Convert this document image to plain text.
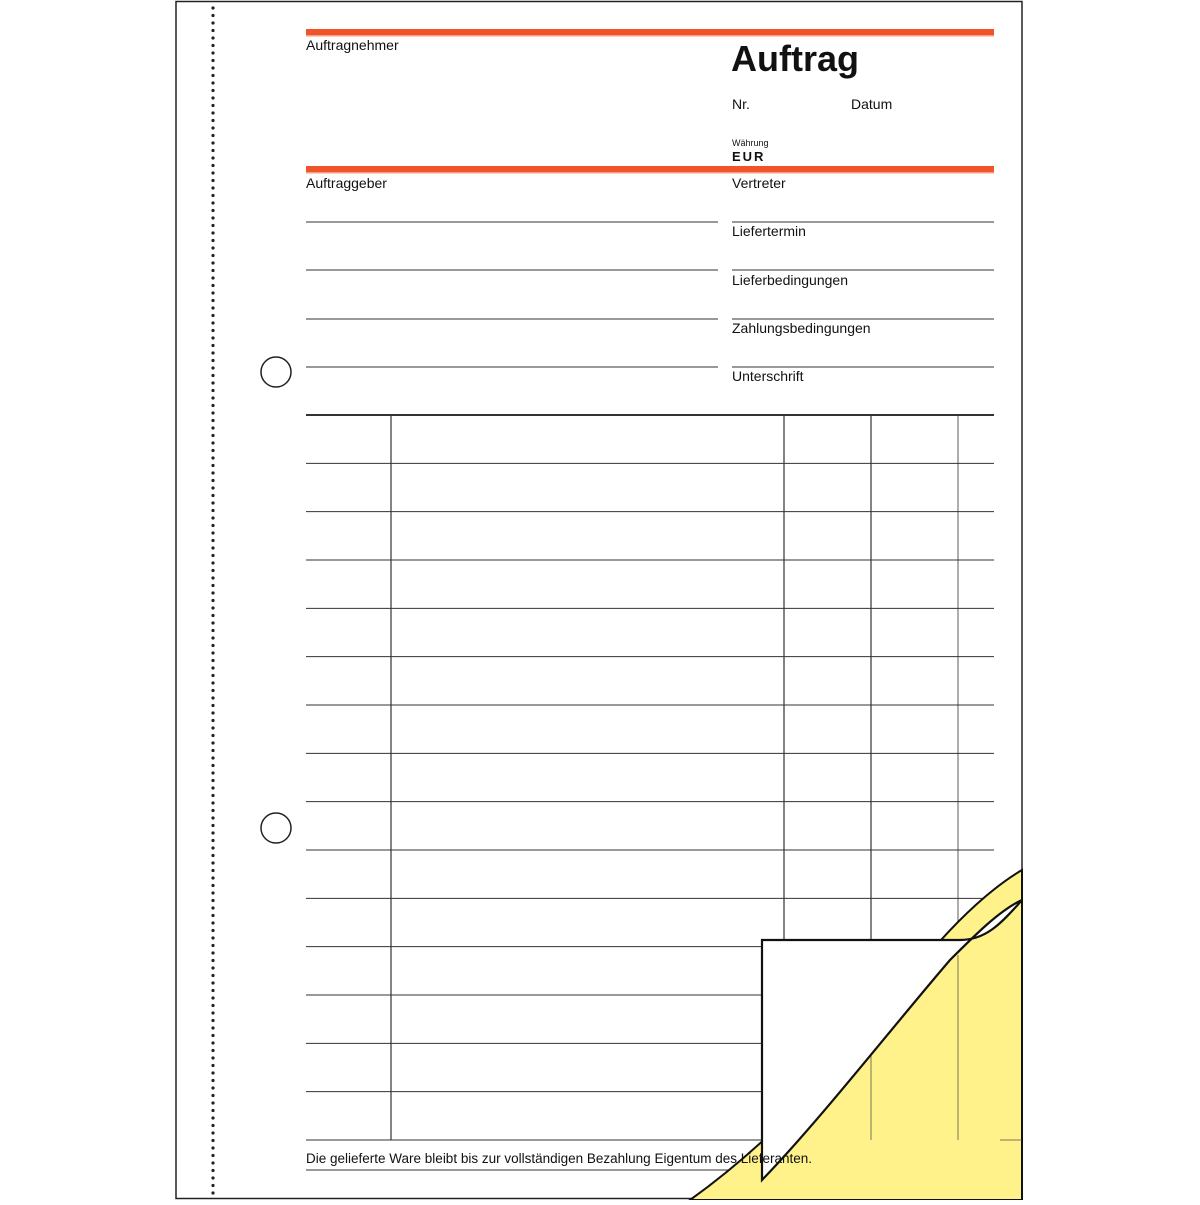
Auftragnehmer	Auftrag
Nr.	Datum
Währung
EUR
Auftraggeber	Vertreter
Liefertermin
Lieferbedingungen
Zahlungsbedingungen
Unterschrift
Die gelieferte Ware bleibt bis zur vollständigen Bezahlung Eigentum des Lieferanten.
